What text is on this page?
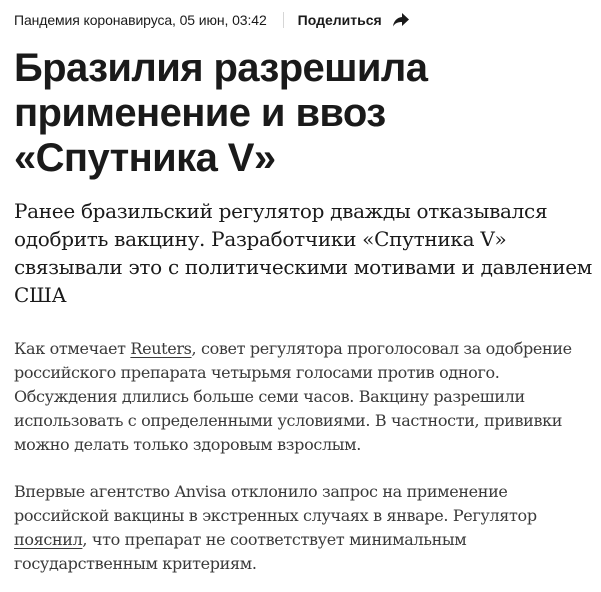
Пандемия коронавируса, 05 июн, 03:42 Поделиться
Бразилия разрешила применение и ввоз «Спутника V»

Ранее бразильский регулятор дважды отказывался одобрить вакцину. Разработчики «Спутника V» связывали это с политическими мотивами и давлением США

Как отмечает Reuters, совет регулятора проголосовал за одобрение российского препарата четырьмя голосами против одного. Обсуждения длились больше семи часов. Вакцину разрешили использовать с определенными условиями. В частности, прививки можно делать только здоровым взрослым.

Впервые агентство Anvisa отклонило запрос на применение российской вакцины в экстренных случаях в январе. Регулятор пояснил, что препарат не соответствует минимальным государственным критериям.
